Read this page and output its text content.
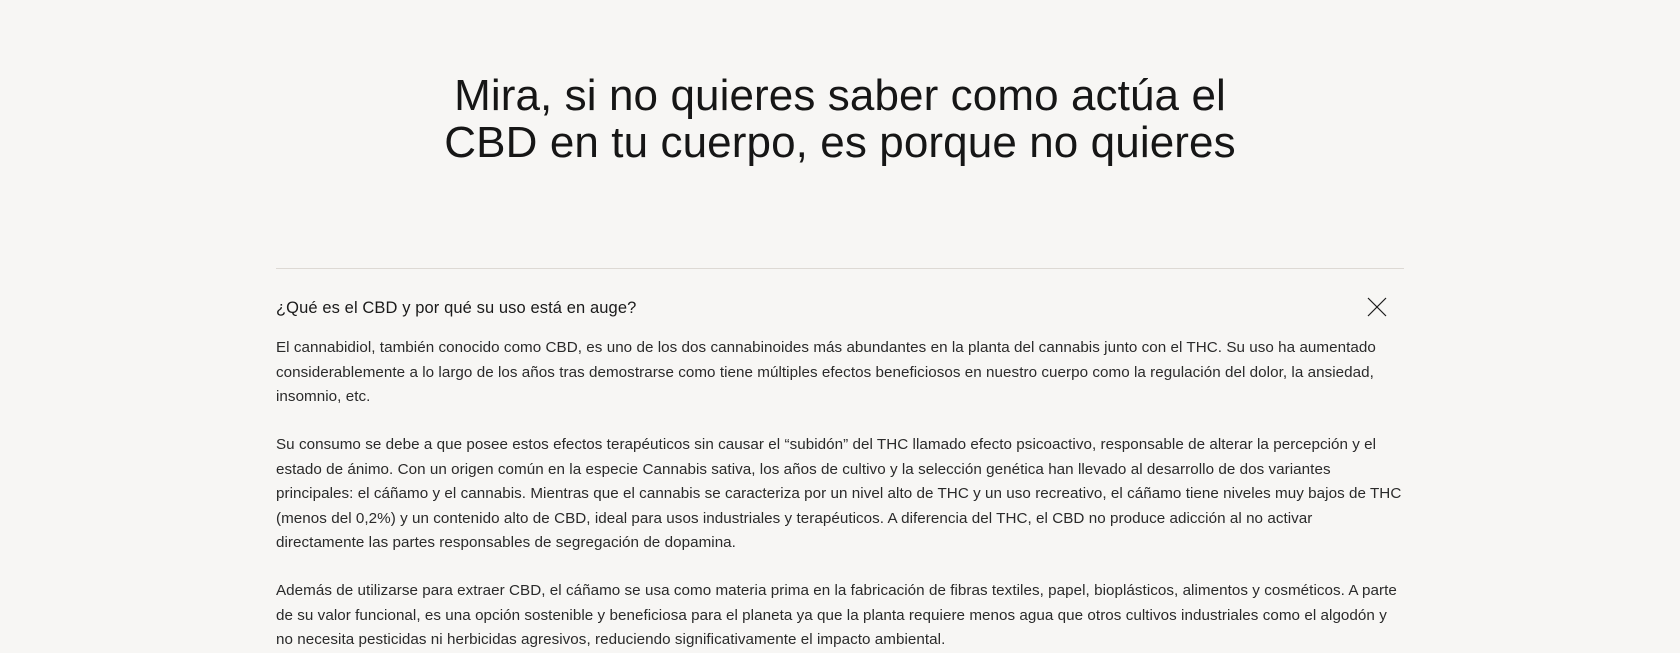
Mira, si no quieres saber como actúa el
CBD en tu cuerpo, es porque no quieres
¿Qué es el CBD y por qué su uso está en auge?

El cannabidiol, también conocido como CBD, es uno de los dos cannabinoides más abundantes en la planta del cannabis junto con el THC. Su uso ha aumentado considerablemente a lo largo de los años tras demostrarse como tiene múltiples efectos beneficiosos en nuestro cuerpo como la regulación del dolor, la ansiedad, insomnio, etc.

Su consumo se debe a que posee estos efectos terapéuticos sin causar el “subidón” del THC llamado efecto psicoactivo, responsable de alterar la percepción y el estado de ánimo. Con un origen común en la especie Cannabis sativa, los años de cultivo y la selección genética han llevado al desarrollo de dos variantes principales: el cáñamo y el cannabis. Mientras que el cannabis se caracteriza por un nivel alto de THC y un uso recreativo, el cáñamo tiene niveles muy bajos de THC (menos del 0,2%) y un contenido alto de CBD, ideal para usos industriales y terapéuticos. A diferencia del THC, el CBD no produce adicción al no activar directamente las partes responsables de segregación de dopamina.

Además de utilizarse para extraer CBD, el cáñamo se usa como materia prima en la fabricación de fibras textiles, papel, bioplásticos, alimentos y cosméticos. A parte de su valor funcional, es una opción sostenible y beneficiosa para el planeta ya que la planta requiere menos agua que otros cultivos industriales como el algodón y no necesita pesticidas ni herbicidas agresivos, reduciendo significativamente el impacto ambiental.
